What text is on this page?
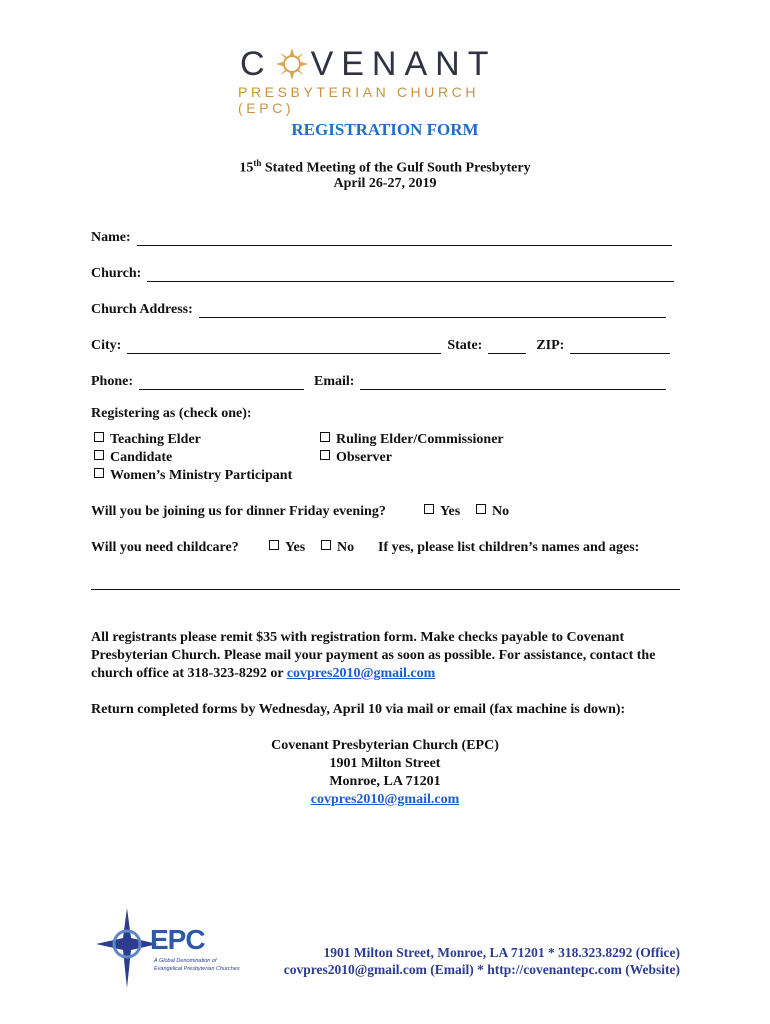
C VENANT
PRESBYTERIAN CHURCH (EPC)
REGISTRATION FORM
15th Stated Meeting of the Gulf South Presbytery
April 26-27, 2019
Name:
Church:
Church Address:
City:	State:	ZIP:
Phone:	Email:
Registering as (check one):
Teaching Elder
Candidate
Women’s Ministry Participant
Ruling Elder/Commissioner
Observer
Will you be joining us for dinner Friday evening?	Yes	No
Will you need childcare?	Yes	No If yes, please list children’s names and ages:
All registrants please remit $35 with registration form. Make checks payable to Covenant Presbyterian Church. Please mail your payment as soon as possible. For assistance, contact the church office at 318-323-8292 or covpres2010@gmail.com
Return completed forms by Wednesday, April 10 via mail or email (fax machine is down):
Covenant Presbyterian Church (EPC)
1901 Milton Street
Monroe, LA 71201
covpres2010@gmail.com
EPC
A Global Denomination of
Evangelical Presbyterian Churches
1901 Milton Street, Monroe, LA 71201 * 318.323.8292 (Office)
covpres2010@gmail.com (Email) * http://covenantepc.com (Website)
